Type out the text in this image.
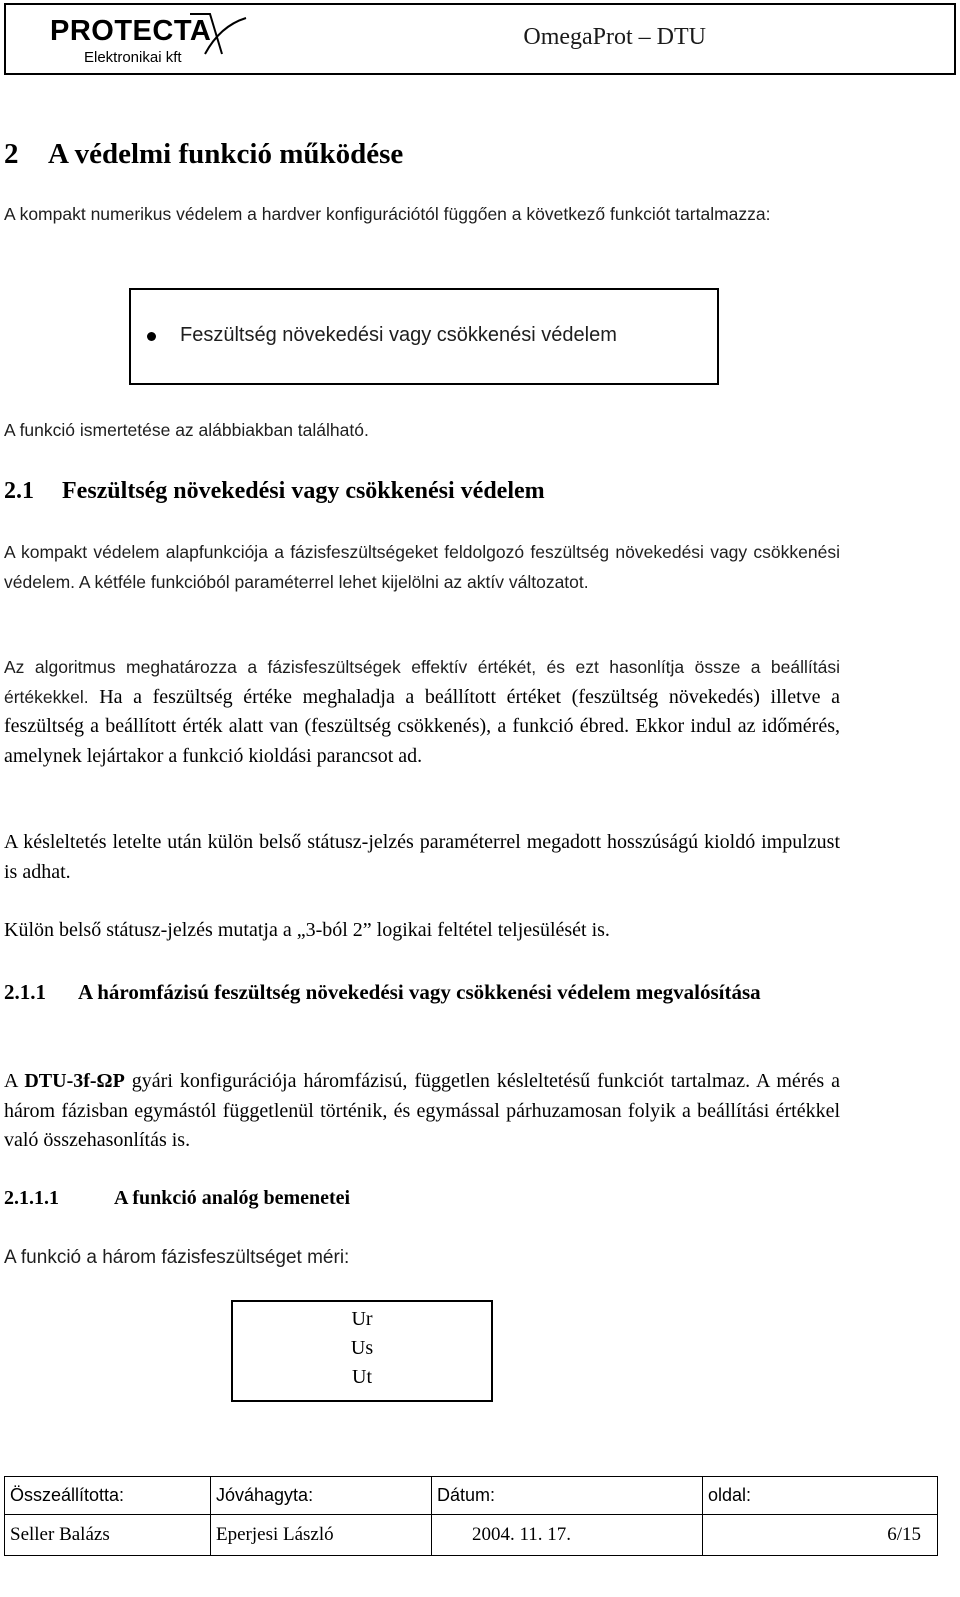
PROTECTA
Elektronikai kft
OmegaProt – DTU
2 A védelmi funkció működése
A kompakt numerikus védelem a hardver konfigurációtól függően a következő funkciót tartalmazza:
Feszültség növekedési vagy csökkenési védelem
A funkció ismertetése az alábbiakban található.
2.1 Feszültség növekedési vagy csökkenési védelem
A kompakt védelem alapfunkciója a fázisfeszültségeket feldolgozó feszültség növekedési vagy csökkenési védelem. A kétféle funkcióból paraméterrel lehet kijelölni az aktív változatot.
Az algoritmus meghatározza a fázisfeszültségek effektív értékét, és ezt hasonlítja össze a beállítási értékekkel. Ha a feszültség értéke meghaladja a beállított értéket (feszültség növekedés) illetve a feszültség a beállított érték alatt van (feszültség csökkenés), a funkció ébred. Ekkor indul az időmérés, amelynek lejártakor a funkció kioldási parancsot ad.
A késleltetés letelte után külön belső státusz-jelzés paraméterrel megadott hosszúságú kioldó impulzust is adhat.
Külön belső státusz-jelzés mutatja a „3-ból 2” logikai feltétel teljesülését is.
2.1.1	A háromfázisú feszültség növekedési vagy csökkenési védelem megvalósítása
A DTU-3f-ΩP gyári konfigurációja háromfázisú, független késleltetésű funkciót tartalmaz. A mérés a három fázisban egymástól függetlenül történik, és egymással párhuzamosan folyik a beállítási értékkel való összehasonlítás is.
2.1.1.1	A funkció analóg bemenetei
A funkció a három fázisfeszültséget méri:
Ur
Us
Ut
Összeállította:	Jóváhagyta:	Dátum:	oldal:
Seller Balázs	Eperjesi László	2004. 11. 17.	6/15
